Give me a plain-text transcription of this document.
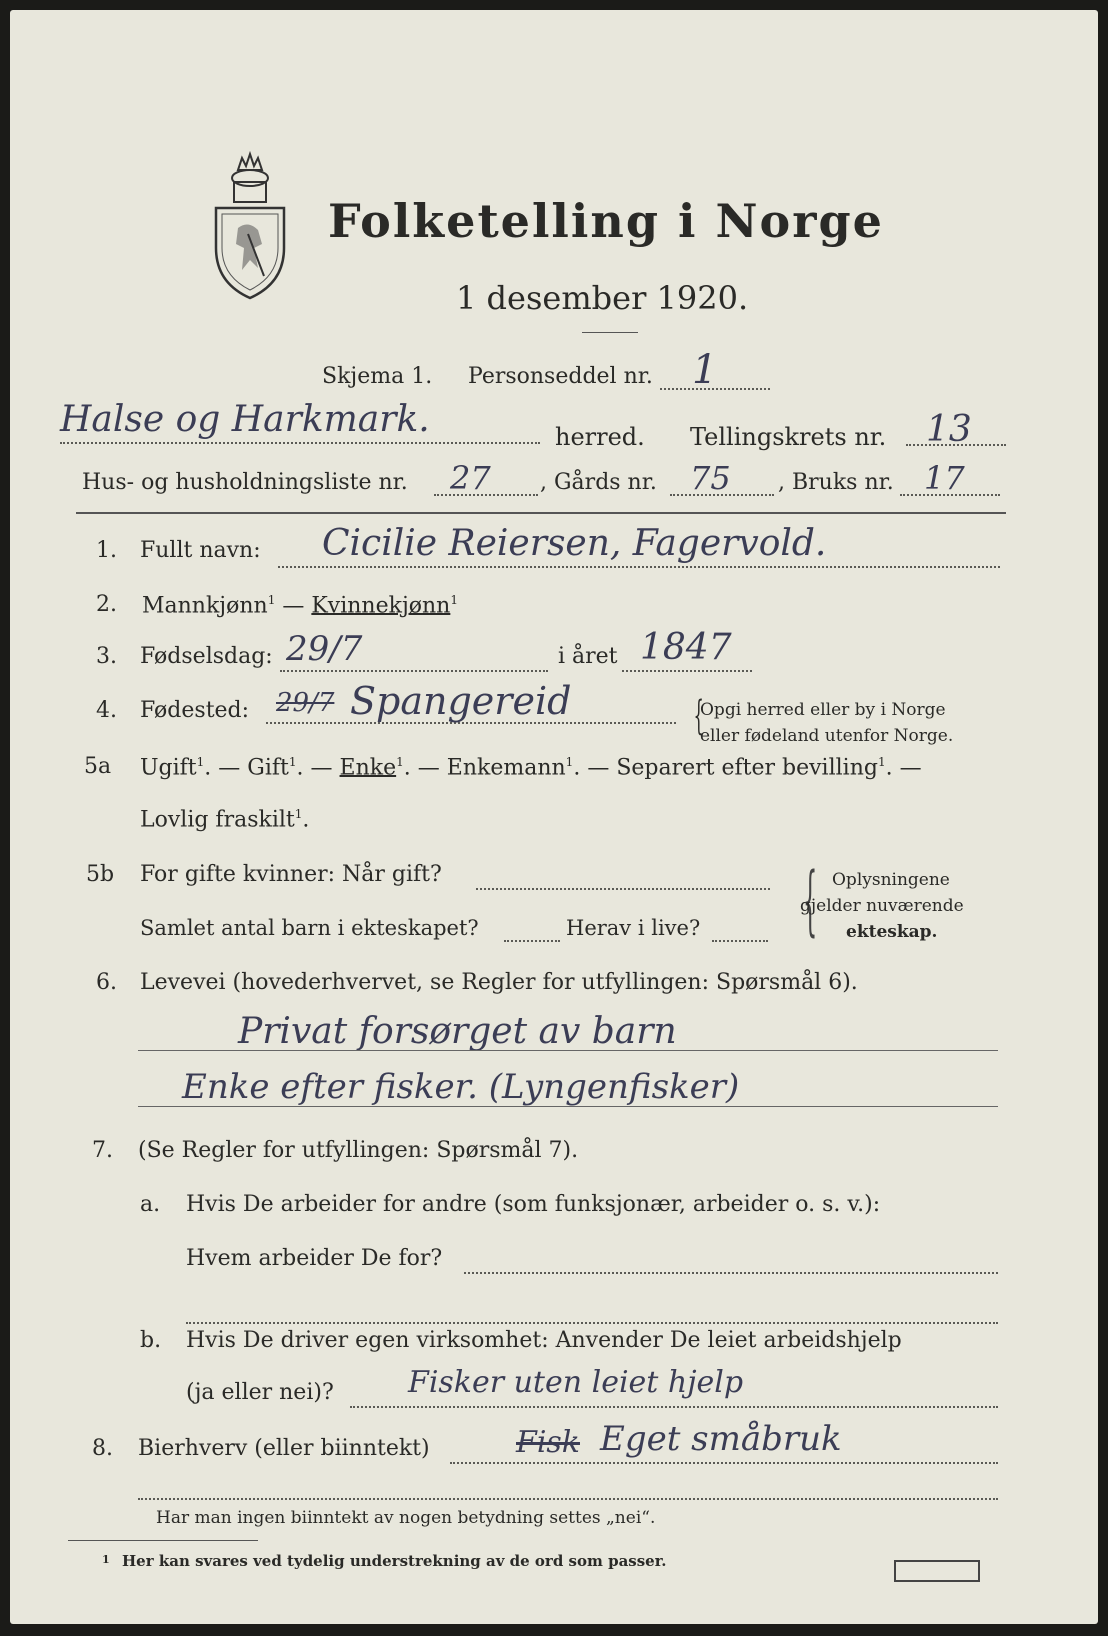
Folketelling i Norge
1 desember 1920.
Skjema 1. Personseddel nr. 1
Halse og Harkmark.	herred. Tellingskrets nr. 13
Hus- og husholdningsliste nr. 27 , Gårds nr. 75 , Bruks nr. 17
1. Fullt navn: Cicilie Reiersen, Fagervold.
2. Mannkjønn$^1$ — Kvinnekjønn$^1$
3. Fødselsdag: 29/7	i året 1847
4. Fødested: 29/7 Spangereid	{
Opgi herred eller by i Norge
eller fødeland utenfor Norge.
5a Ugift$^1$. — Gift$^1$. — Enke$^1$. — Enkemann$^1$. — Separert efter bevilling$^1$. —
Lovlig fraskilt$^1$.
5b For gifte kvinner: Når gift?
Samlet antal barn i ekteskapet?	Herav i live? { Oplysningene
gjelder nuværende
ekteskap.
6. Levevei (hovederhvervet, se Regler for utfyllingen: Spørsmål 6).
Privat forsørget av barn
Enke efter fisker. (Lyngenfisker)
7. (Se Regler for utfyllingen: Spørsmål 7).
a. Hvis De arbeider for andre (som funksjonær, arbeider o. s. v.):
Hvem arbeider De for?
b. Hvis De driver egen virksomhet: Anvender De leiet arbeidshjelp
(ja eller nei)? Fisker uten leiet hjelp
8. Bierhverv (eller biinntekt)	Fisk Eget småbruk
Har man ingen biinntekt av nogen betydning settes „nei“.
1 Her kan svares ved tydelig understrekning av de ord som passer.
